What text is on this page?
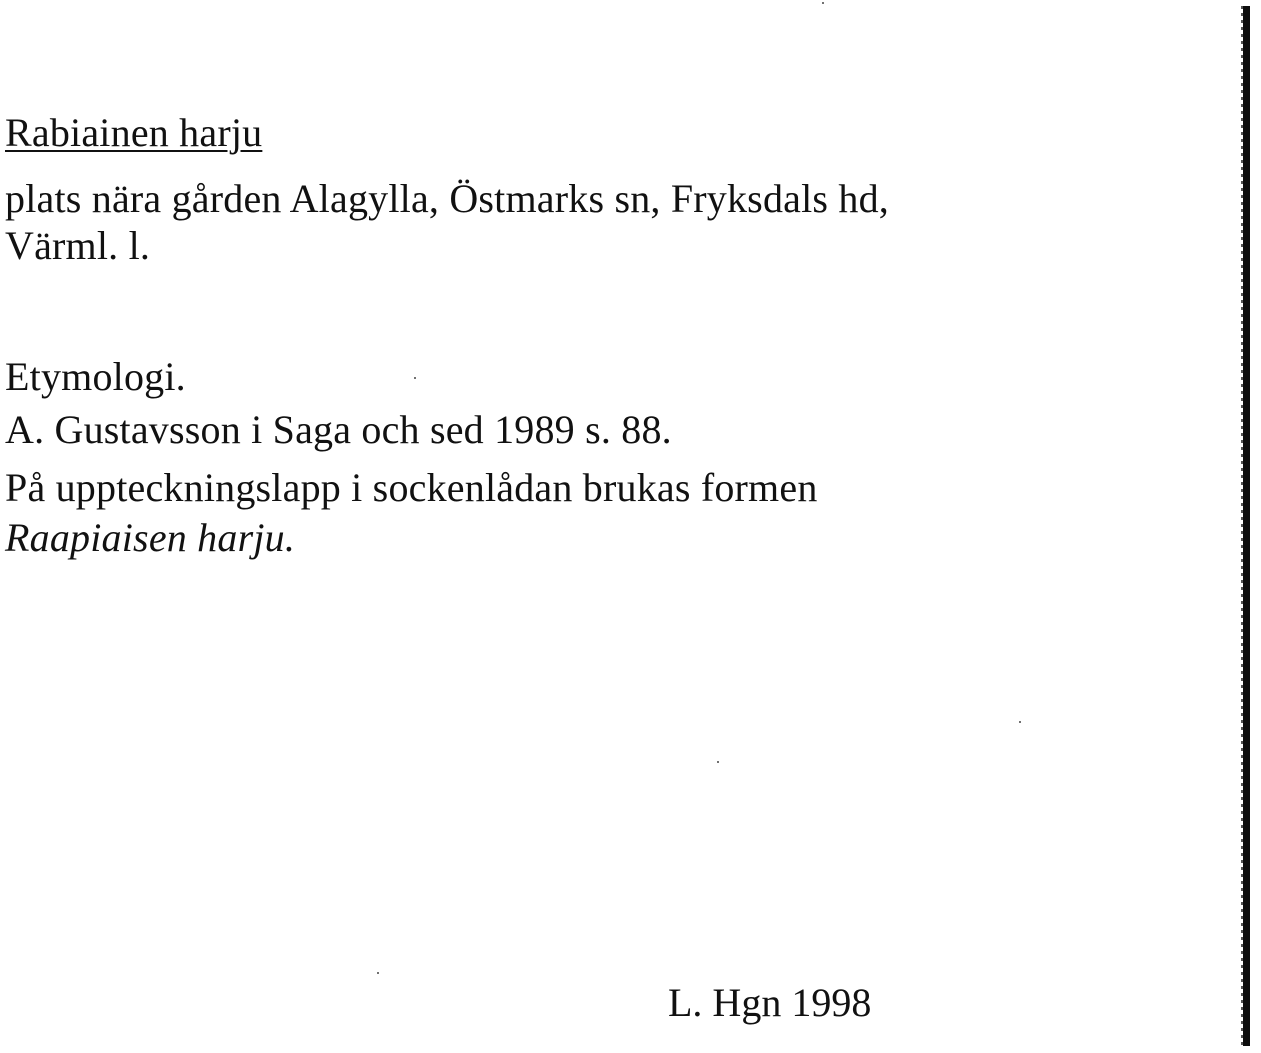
Rabiainen harju
plats nära gården Alagylla, Östmarks sn, Fryksdals hd,
Värml. l.
Etymologi.
A. Gustavsson i Saga och sed 1989 s. 88.
På uppteckningslapp i sockenlådan brukas formen
Raapiaisen harju.
L. Hgn 1998
